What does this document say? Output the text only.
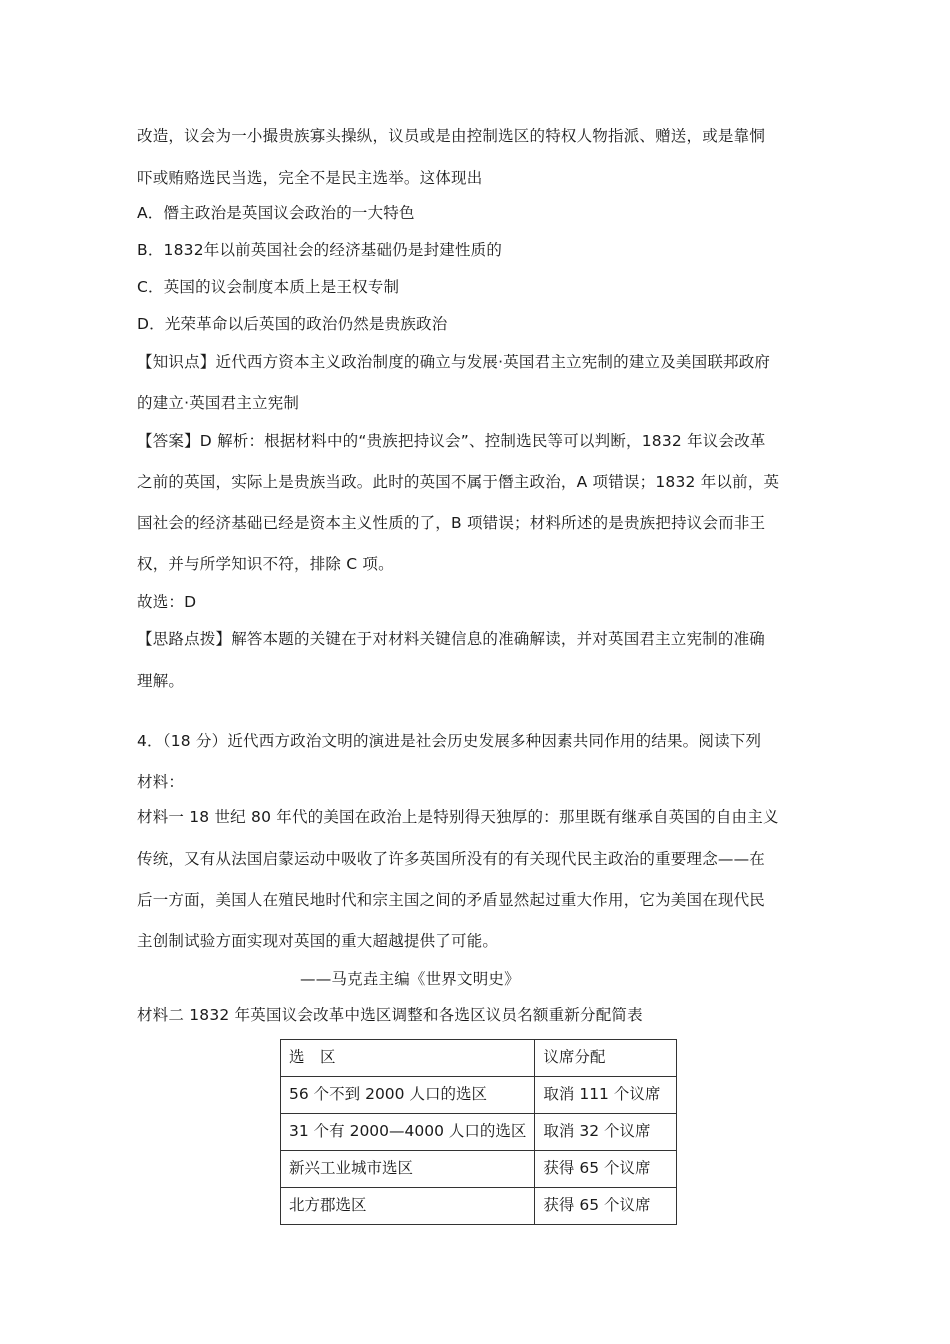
改造，议会为一小撮贵族寡头操纵，议员或是由控制选区的特权人物指派、赠送，或是靠恫
吓或贿赂选民当选，完全不是民主选举。这体现出
A．僭主政治是英国议会政治的一大特色
B．1832年以前英国社会的经济基础仍是封建性质的
C．英国的议会制度本质上是王权专制
D．光荣革命以后英国的政治仍然是贵族政治
【知识点】近代西方资本主义政治制度的确立与发展·英国君主立宪制的建立及美国联邦政府
的建立·英国君主立宪制
【答案】D 解析：根据材料中的“贵族把持议会”、控制选民等可以判断，1832 年议会改革
之前的英国，实际上是贵族当政。此时的英国不属于僭主政治，A 项错误；1832 年以前，英
国社会的经济基础已经是资本主义性质的了，B 项错误；材料所述的是贵族把持议会而非王
权，并与所学知识不符，排除 C 项。
故选：D
【思路点拨】解答本题的关键在于对材料关键信息的准确解读，并对英国君主立宪制的准确
理解。
4．（18 分）近代西方政治文明的演进是社会历史发展多种因素共同作用的结果。阅读下列
材料：
材料一 18 世纪 80 年代的美国在政治上是特别得天独厚的：那里既有继承自英国的自由主义
传统，又有从法国启蒙运动中吸收了许多英国所没有的有关现代民主政治的重要理念——在
后一方面，美国人在殖民地时代和宗主国之间的矛盾显然起过重大作用，它为美国在现代民
主创制试验方面实现对英国的重大超越提供了可能。
——马克垚主编《世界文明史》
材料二 1832 年英国议会改革中选区调整和各选区议员名额重新分配简表
选　区	议席分配
56 个不到 2000 人口的选区	取消 111 个议席
31 个有 2000—4000 人口的选区	取消 32 个议席
新兴工业城市选区	获得 65 个议席
北方郡选区	获得 65 个议席
